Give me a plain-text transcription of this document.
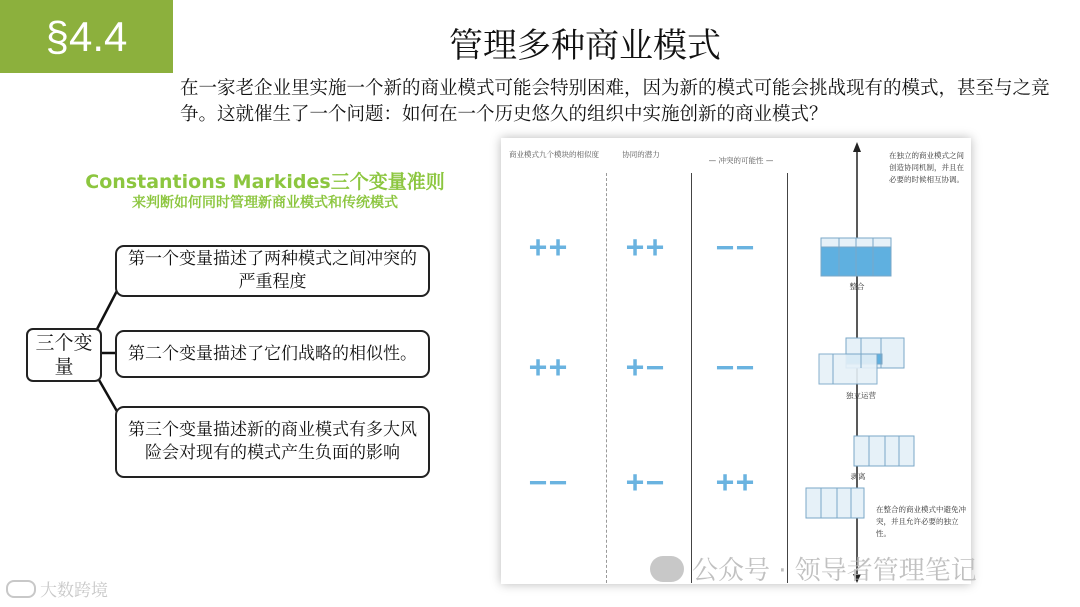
§4.4	管理多种商业模式
在一家老企业里实施一个新的商业模式可能会特别困难，因为新的模式可能会挑战现有的模式，甚至与之竞争。这就催生了一个问题：如何在一个历史悠久的组织中实施创新的商业模式？
Constantions Markides三个变量准则
来判断如何同时管理新商业模式和传统模式
三个变量
第一个变量描述了两种模式之间冲突的严重程度
第二个变量描述了它们战略的相似性。
第三个变量描述新的商业模式有多大风险会对现有的模式产生负面的影响
商业模式九个模块的相似度	协同的潜力
— 冲突的可能性 —
++	++	−−
++	+−	−−
−−	+−	++
整合
独立运营
剥离
在独立的商业模式之间创造协同机制，并且在必要的时候相互协调。
在整合的商业模式中避免冲突，并且允许必要的独立性。
公众号 · 领导者管理笔记
大数跨境
